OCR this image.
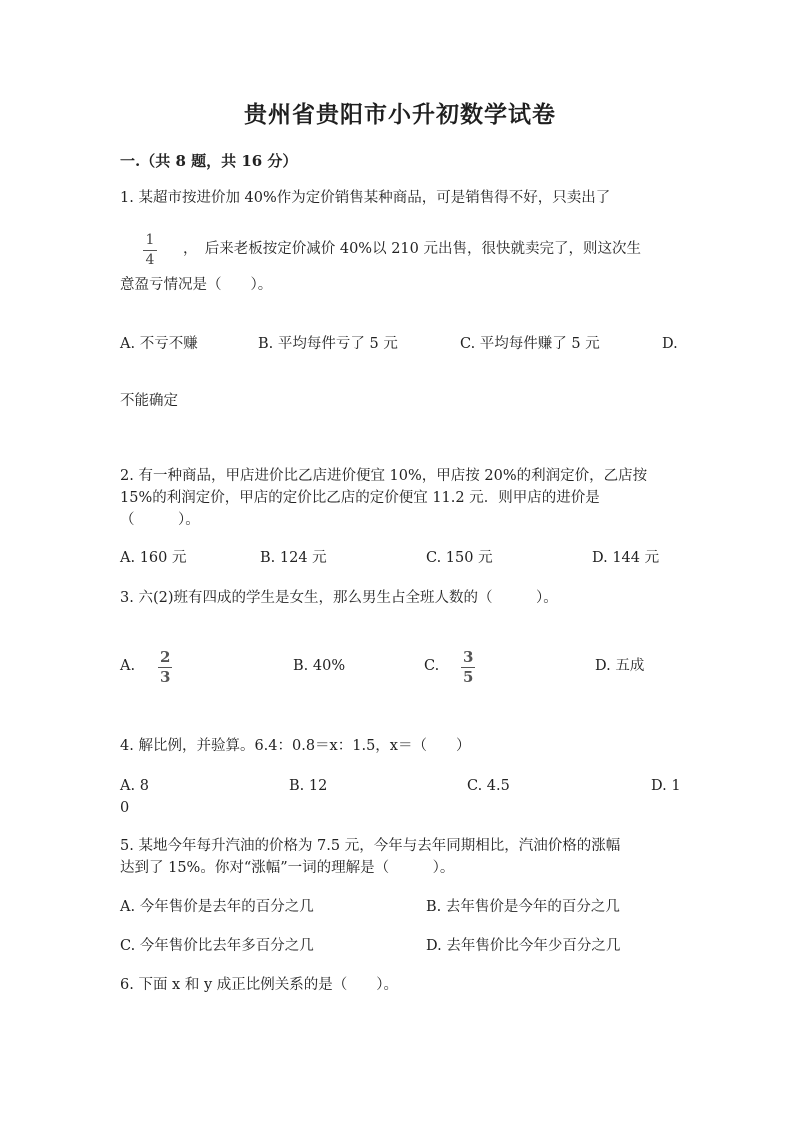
贵州省贵阳市小升初数学试卷
一.（共 8 题，共 16 分）
1. 某超市按进价加 40%作为定价销售某种商品，可是销售得不好，只卖出了
1
4
，　后来老板按定价减价 40%以 210 元出售，很快就卖完了，则这次生
意盈亏情况是（　　）。
A. 不亏不赚	B. 平均每件亏了 5 元	C. 平均每件赚了 5 元	D.
不能确定
2. 有一种商品，甲店进价比乙店进价便宜 10%，甲店按 20%的利润定价，乙店按
15%的利润定价，甲店的定价比乙店的定价便宜 11.2 元．则甲店的进价是
（　　　）。
A. 160 元	B. 124 元	C. 150 元	D. 144 元
3. 六(2)班有四成的学生是女生，那么男生占全班人数的（　　　）。
A. 2
3
B. 40%	C. 3
5
D. 五成
4. 解比例，并验算。6.4：0.8＝x：1.5，x＝（　　）
A. 8	B. 12	C. 4.5	D. 1
0
5. 某地今年每升汽油的价格为 7.5 元，今年与去年同期相比，汽油价格的涨幅
达到了 15%。你对“涨幅”一词的理解是（　　　）。
A. 今年售价是去年的百分之几	B. 去年售价是今年的百分之几
C. 今年售价比去年多百分之几	D. 去年售价比今年少百分之几
6. 下面 x 和 y 成正比例关系的是（　　）。
